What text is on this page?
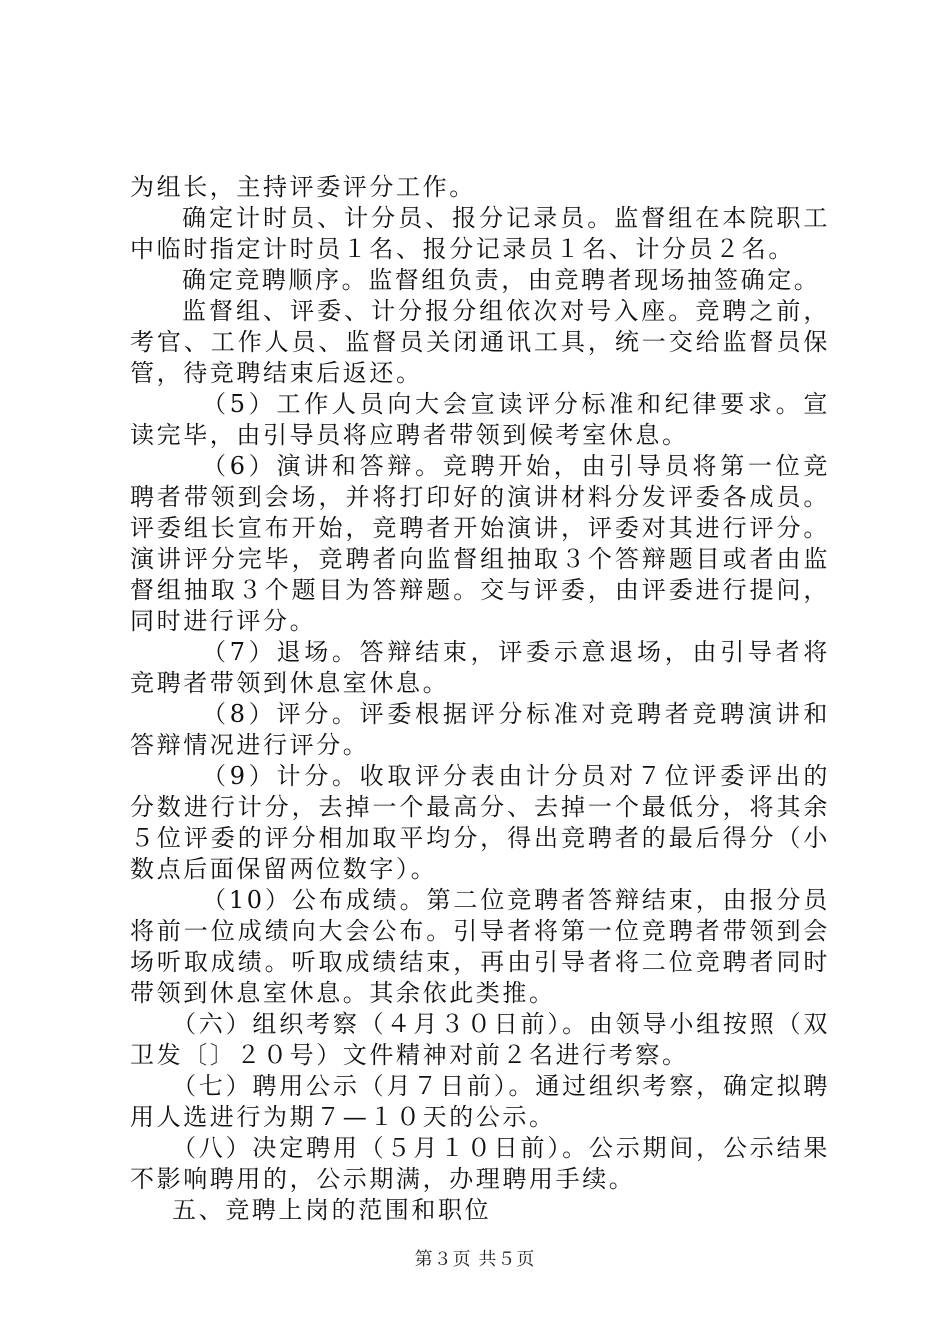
为组长，主持评委评分工作。

确定计时员、计分员、报分记录员。监督组在本院职工中临时指定计时员１名、报分记录员１名、计分员２名。

确定竞聘顺序。监督组负责，由竞聘者现场抽签确定。

监督组、评委、计分报分组依次对号入座。竞聘之前，考官、工作人员、监督员关闭通讯工具，统一交给监督员保管，待竞聘结束后返还。

（5）工作人员向大会宣读评分标准和纪律要求。宣读完毕，由引导员将应聘者带领到候考室休息。

（6）演讲和答辩。竞聘开始，由引导员将第一位竞聘者带领到会场，并将打印好的演讲材料分发评委各成员。评委组长宣布开始，竞聘者开始演讲，评委对其进行评分。演讲评分完毕，竞聘者向监督组抽取３个答辩题目或者由监督组抽取３个题目为答辩题。交与评委，由评委进行提问，同时进行评分。

（7）退场。答辩结束，评委示意退场，由引导者将竞聘者带领到休息室休息。

（8）评分。评委根据评分标准对竞聘者竞聘演讲和答辩情况进行评分。

（9）计分。收取评分表由计分员对７位评委评出的分数进行计分，去掉一个最高分、去掉一个最低分，将其余５位评委的评分相加取平均分，得出竞聘者的最后得分（小数点后面保留两位数字）。

（10）公布成绩。第二位竞聘者答辩结束，由报分员将前一位成绩向大会公布。引导者将第一位竞聘者带领到会场听取成绩。听取成绩结束，再由引导者将二位竞聘者同时带领到休息室休息。其余依此类推。

（六）组织考察（４月３０日前）。由领导小组按照（双卫发〔〕２０号）文件精神对前２名进行考察。

（七）聘用公示（月７日前）。通过组织考察，确定拟聘用人选进行为期７—１０天的公示。

（八）决定聘用（５月１０日前）。公示期间，公示结果不影响聘用的，公示期满，办理聘用手续。

五、竞聘上岗的范围和职位

第３页 共５页
